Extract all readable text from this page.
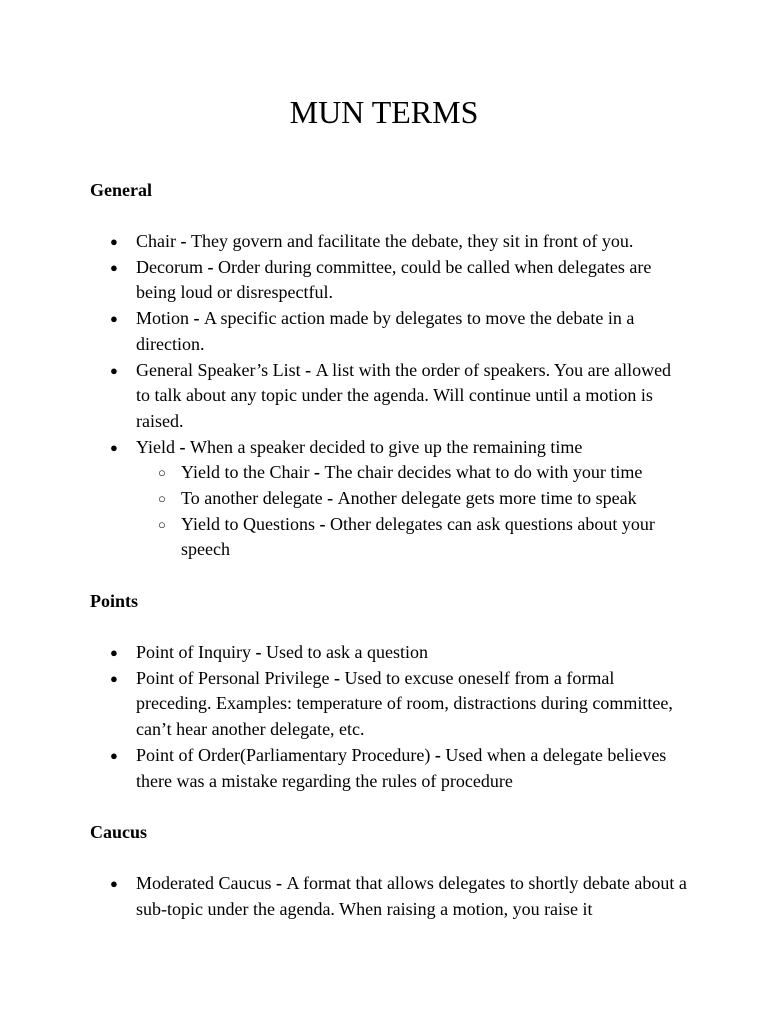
MUN TERMS
General
● Chair - They govern and facilitate the debate, they sit in front of you.
● Decorum - Order during committee, could be called when delegates are being loud or disrespectful.
● Motion - A specific action made by delegates to move the debate in a direction.
● General Speaker’s List - A list with the order of speakers. You are allowed to talk about any topic under the agenda. Will continue until a motion is raised.
● Yield - When a speaker decided to give up the remaining time
○ Yield to the Chair - The chair decides what to do with your time
○ To another delegate - Another delegate gets more time to speak
○ Yield to Questions - Other delegates can ask questions about your speech
Points
● Point of Inquiry - Used to ask a question
● Point of Personal Privilege - Used to excuse oneself from a formal preceding. Examples: temperature of room, distractions during committee, can’t hear another delegate, etc.
● Point of Order(Parliamentary Procedure) - Used when a delegate believes there was a mistake regarding the rules of procedure
Caucus
● Moderated Caucus - A format that allows delegates to shortly debate about a sub-topic under the agenda. When raising a motion, you raise it
